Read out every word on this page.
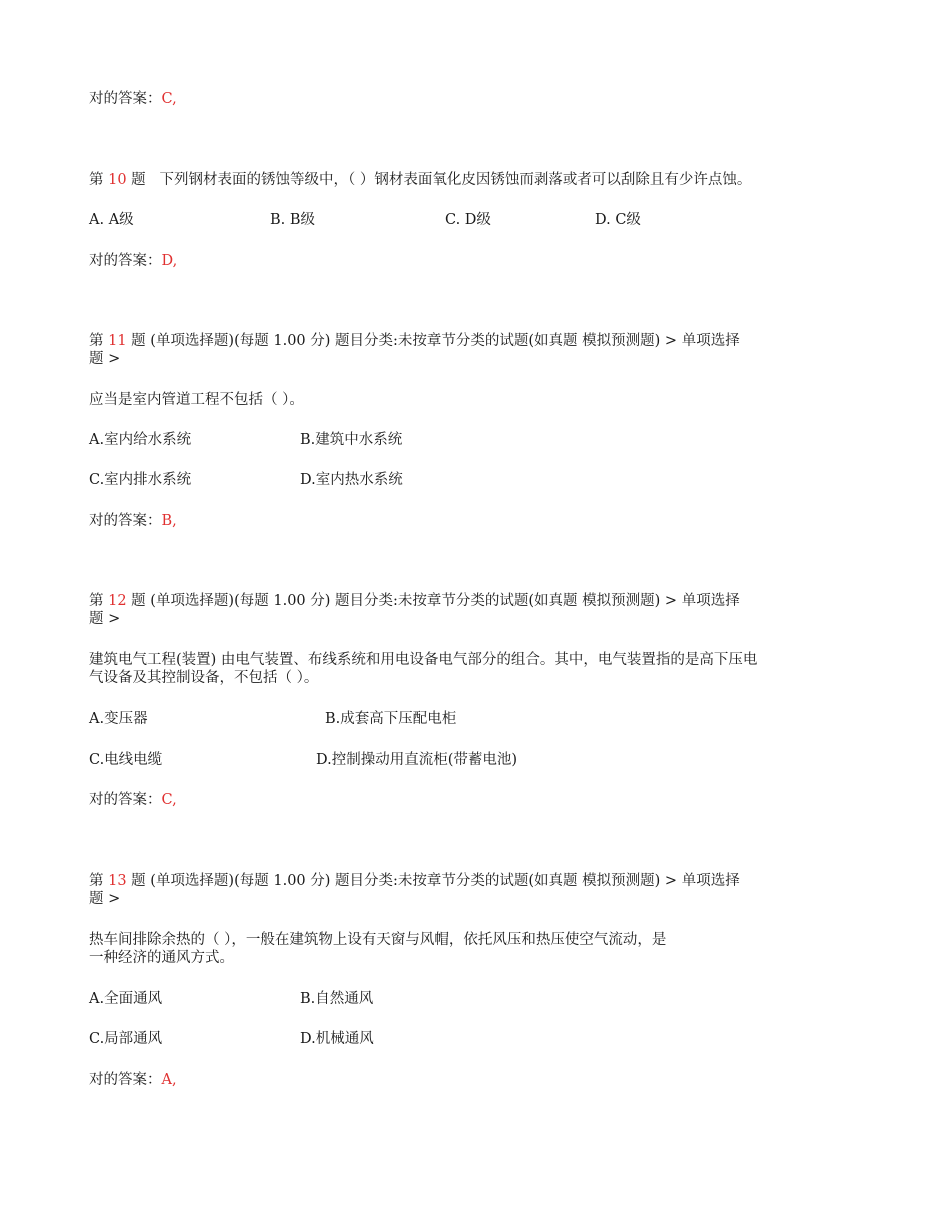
对的答案：C,
第 10 题 下列钢材表面的锈蚀等级中，（ ）钢材表面氧化皮因锈蚀而剥落或者可以刮除且有少许点蚀。
A. A级	B. B级	C. D级	D. C级
对的答案：D,
第 11 题 (单项选择题)(每题 1.00 分) 题目分类:未按章节分类的试题(如真题 模拟预测题) > 单项选择
题 >
应当是室内管道工程不包括（ ）。
A.室内给水系统	B.建筑中水系统
C.室内排水系统	D.室内热水系统
对的答案：B,
第 12 题 (单项选择题)(每题 1.00 分) 题目分类:未按章节分类的试题(如真题 模拟预测题) > 单项选择
题 >
建筑电气工程(装置) 由电气装置、布线系统和用电设备电气部分的组合。其中，电气装置指的是高下压电
气设备及其控制设备，不包括（ ）。
A.变压器	B.成套高下压配电柜
C.电线电缆	D.控制操动用直流柜(带蓄电池)
对的答案：C,
第 13 题 (单项选择题)(每题 1.00 分) 题目分类:未按章节分类的试题(如真题 模拟预测题) > 单项选择
题 >
热车间排除余热的（ ），一般在建筑物上设有天窗与风帽，依托风压和热压使空气流动，是
一种经济的通风方式。
A.全面通风	B.自然通风
C.局部通风	D.机械通风
对的答案：A,
